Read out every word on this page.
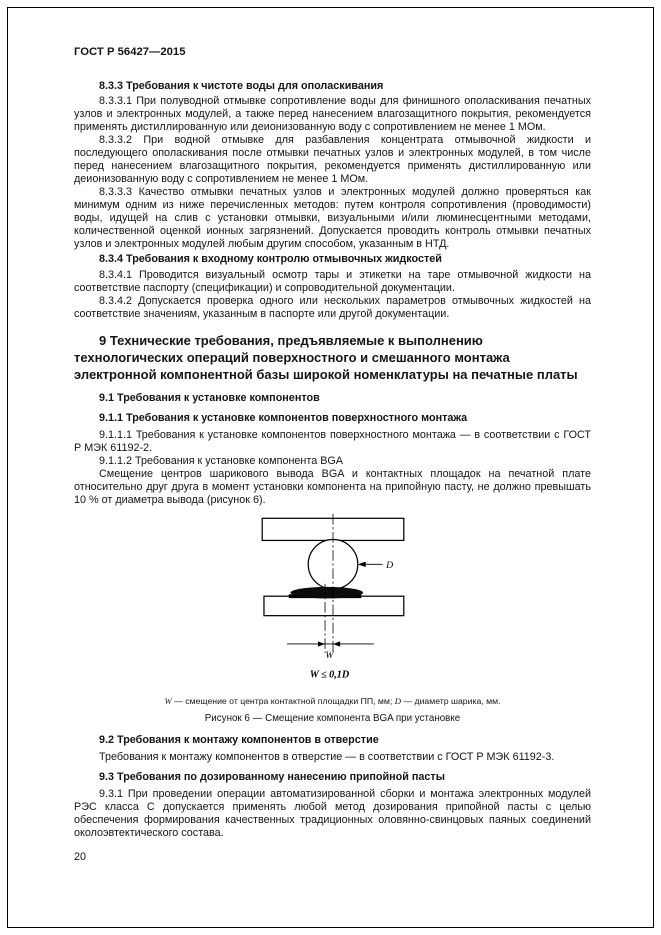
ГОСТ Р 56427—2015

8.3.3 Требования к чистоте воды для ополаскивания

8.3.3.1 При полуводной отмывке сопротивление воды для финишного ополаскивания печатных узлов и электронных модулей, а также перед нанесением влагозащитного покрытия, рекомендуется применять дистиллированную или деионизованную воду с сопротивлением не менее 1 МОм.

8.3.3.2 При водной отмывке для разбавления концентрата отмывочной жидкости и последующего ополаскивания после отмывки печатных узлов и электронных модулей, в том числе перед нанесением влагозащитного покрытия, рекомендуется применять дистиллированную или деионизованную воду с сопротивлением не менее 1 МОм.

8.3.3.3 Качество отмывки печатных узлов и электронных модулей должно проверяться как минимум одним из ниже перечисленных методов: путем контроля сопротивления (проводимости) воды, идущей на слив с установки отмывки, визуальными и/или люминесцентными методами, количественной оценкой ионных загрязнений. Допускается проводить контроль отмывки печатных узлов и электронных модулей любым другим способом, указанным в НТД.

8.3.4 Требования к входному контролю отмывочных жидкостей

8.3.4.1 Проводится визуальный осмотр тары и этикетки на таре отмывочной жидкости на соответствие паспорту (спецификации) и сопроводительной документации.

8.3.4.2 Допускается проверка одного или нескольких параметров отмывочных жидкостей на соответствие значениям, указанным в паспорте или другой документации.

9 Технические требования, предъявляемые к выполнению технологических операций поверхностного и смешанного монтажа электронной компонентной базы широкой номенклатуры на печатные платы

9.1 Требования к установке компонентов

9.1.1 Требования к установке компонентов поверхностного монтажа

9.1.1.1 Требования к установке компонентов поверхностного монтажа — в соответствии с ГОСТ Р МЭК 61192-2.

9.1.1.2 Требования к установке компонента BGA

Смещение центров шарикового вывода BGA и контактных площадок на печатной плате относительно друг друга в момент установки компонента на припойную пасту, не должно превышать 10 % от диаметра вывода (рисунок 6).

D
W
W ≤ 0,1D
W — смещение от центра контактной площадки ПП, мм; D — диаметр шарика, мм.
Рисунок 6 — Смещение компонента BGA при установке

9.2 Требования к монтажу компонентов в отверстие

Требования к монтажу компонентов в отверстие — в соответствии с ГОСТ Р МЭК 61192-3.

9.3 Требования по дозированному нанесению припойной пасты

9.3.1 При проведении операции автоматизированной сборки и монтажа электронных модулей РЭС класса С допускается применять любой метод дозирования припойной пасты с целью обеспечения формирования качественных традиционных оловянно-свинцовых паяных соединений околоэвтектического состава.

20
